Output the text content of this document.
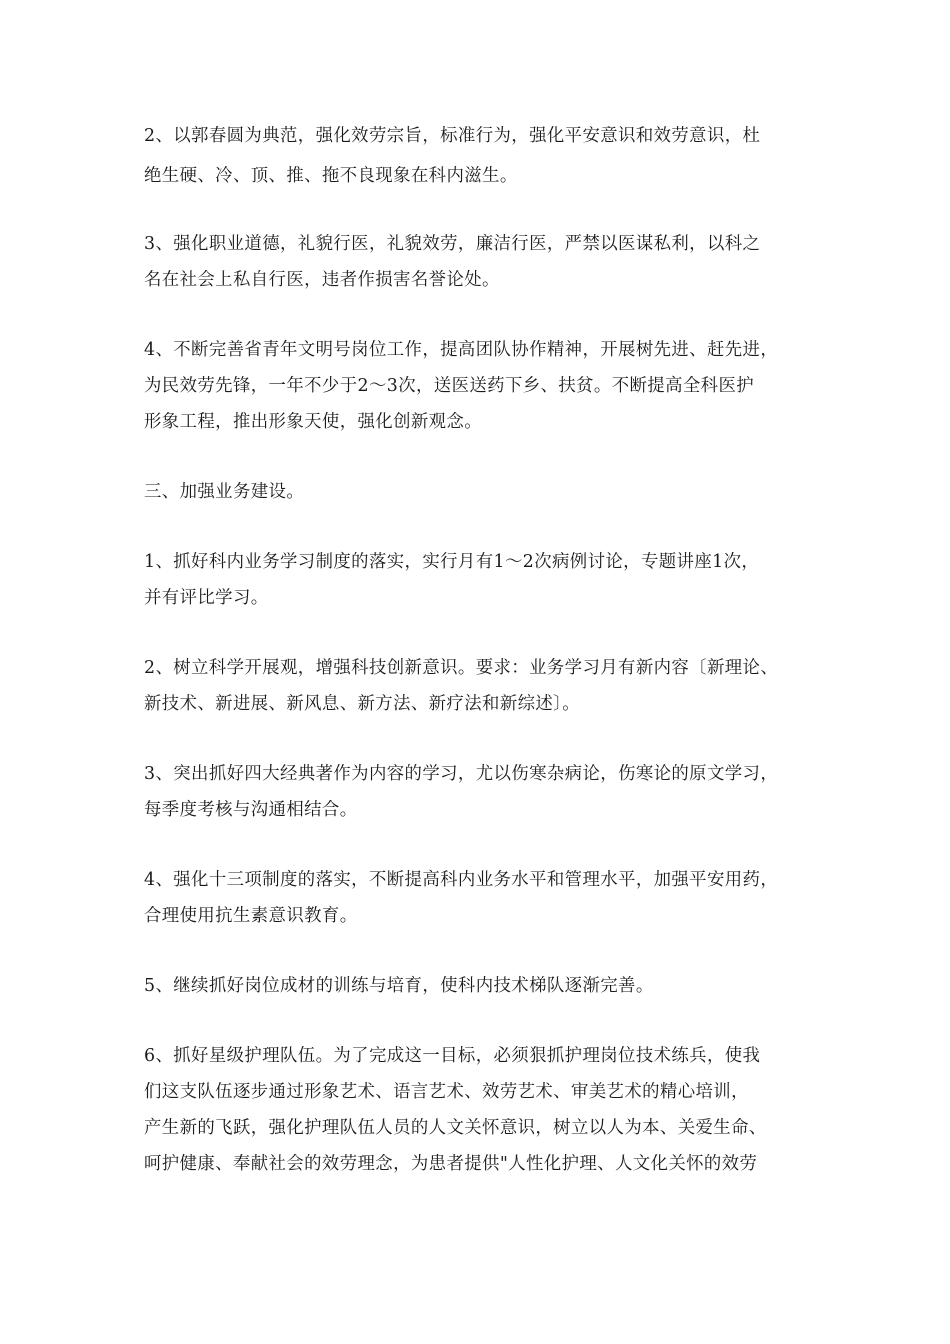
2、以郭春圆为典范，强化效劳宗旨，标准行为，强化平安意识和效劳意识，杜

绝生硬、冷、顶、推、拖不良现象在科内滋生。

3、强化职业道德，礼貌行医，礼貌效劳，廉洁行医，严禁以医谋私利，以科之

名在社会上私自行医，违者作损害名誉论处。

4、不断完善省青年文明号岗位工作，提高团队协作精神，开展树先进、赶先进，

为民效劳先锋，一年不少于2～3次，送医送药下乡、扶贫。不断提高全科医护

形象工程，推出形象天使，强化创新观念。

三、加强业务建设。

1、抓好科内业务学习制度的落实，实行月有1～2次病例讨论，专题讲座1次，

并有评比学习。

2、树立科学开展观，增强科技创新意识。要求：业务学习月有新内容〔新理论、

新技术、新进展、新风息、新方法、新疗法和新综述〕。

3、突出抓好四大经典著作为内容的学习，尤以伤寒杂病论，伤寒论的原文学习，

每季度考核与沟通相结合。

4、强化十三项制度的落实，不断提高科内业务水平和管理水平，加强平安用药，

合理使用抗生素意识教育。

5、继续抓好岗位成材的训练与培育，使科内技术梯队逐渐完善。

6、抓好星级护理队伍。为了完成这一目标，必须狠抓护理岗位技术练兵，使我

们这支队伍逐步通过形象艺术、语言艺术、效劳艺术、审美艺术的精心培训，

产生新的飞跃，强化护理队伍人员的人文关怀意识，树立以人为本、关爱生命、

呵护健康、奉献社会的效劳理念，为患者提供"人性化护理、人文化关怀的效劳
